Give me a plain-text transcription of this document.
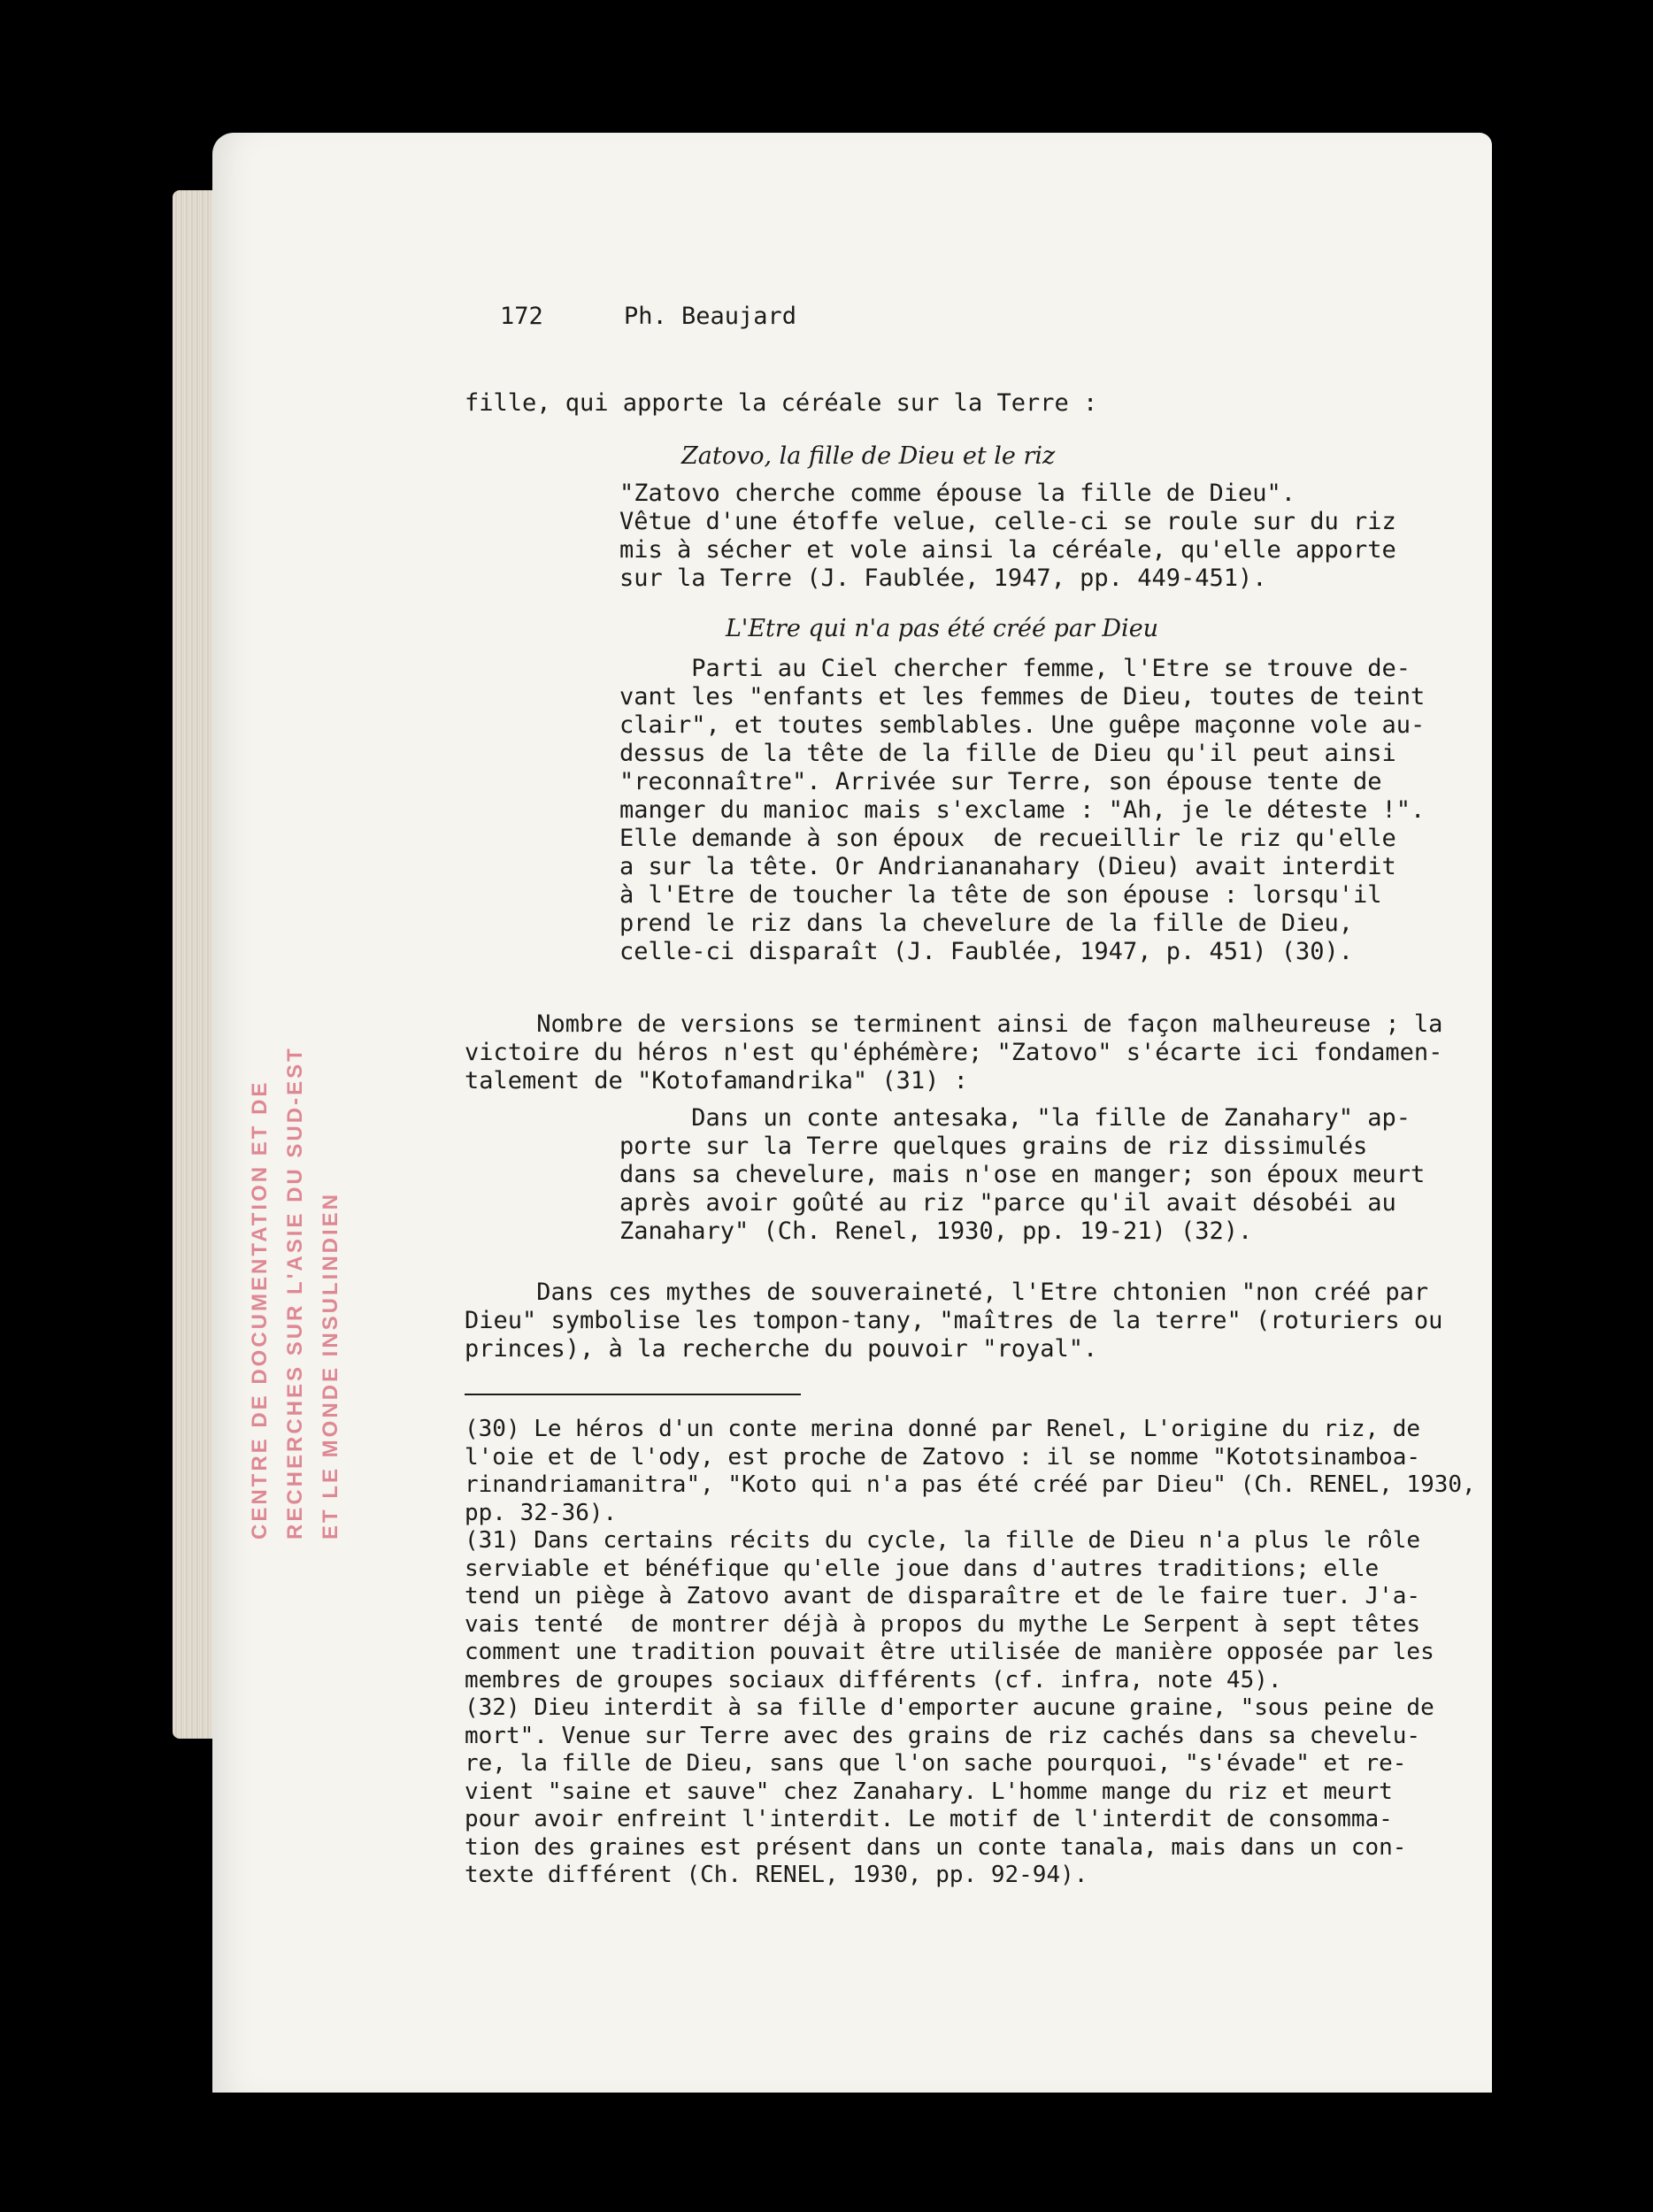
CENTRE DE DOCUMENTATION ET DE RECHERCHES SUR L'ASIE DU SUD-EST ET LE MONDE INSULINDIEN
172	Ph. Beaujard
fille, qui apporte la céréale sur la Terre :
Zatovo, la fille de Dieu et le riz
"Zatovo cherche comme épouse la fille de Dieu".
Vêtue d'une étoffe velue, celle-ci se roule sur du riz
mis à sécher et vole ainsi la céréale, qu'elle apporte
sur la Terre (J. Faublée, 1947, pp. 449-451).
L'Etre qui n'a pas été créé par Dieu
Parti au Ciel chercher femme, l'Etre se trouve de-
vant les "enfants et les femmes de Dieu, toutes de teint
clair", et toutes semblables. Une guêpe maçonne vole au-
dessus de la tête de la fille de Dieu qu'il peut ainsi
"reconnaître". Arrivée sur Terre, son épouse tente de
manger du manioc mais s'exclame : "Ah, je le déteste !".
Elle demande à son époux  de recueillir le riz qu'elle
a sur la tête. Or Andriananahary (Dieu) avait interdit
à l'Etre de toucher la tête de son épouse : lorsqu'il
prend le riz dans la chevelure de la fille de Dieu,
celle-ci disparaît (J. Faublée, 1947, p. 451) (30).
Nombre de versions se terminent ainsi de façon malheureuse ; la
victoire du héros n'est qu'éphémère; "Zatovo" s'écarte ici fondamen-
talement de "Kotofamandrika" (31) :
Dans un conte antesaka, "la fille de Zanahary" ap-
porte sur la Terre quelques grains de riz dissimulés
dans sa chevelure, mais n'ose en manger; son époux meurt
après avoir goûté au riz "parce qu'il avait désobéi au
Zanahary" (Ch. Renel, 1930, pp. 19-21) (32).
Dans ces mythes de souveraineté, l'Etre chtonien "non créé par
Dieu" symbolise les tompon-tany, "maîtres de la terre" (roturiers ou
princes), à la recherche du pouvoir "royal".
(30) Le héros d'un conte merina donné par Renel, L'origine du riz, de
l'oie et de l'ody, est proche de Zatovo : il se nomme "Kototsinamboa-
rinandriamanitra", "Koto qui n'a pas été créé par Dieu" (Ch. RENEL, 1930,
pp. 32-36).
(31) Dans certains récits du cycle, la fille de Dieu n'a plus le rôle
serviable et bénéfique qu'elle joue dans d'autres traditions; elle
tend un piège à Zatovo avant de disparaître et de le faire tuer. J'a-
vais tenté  de montrer déjà à propos du mythe Le Serpent à sept têtes
comment une tradition pouvait être utilisée de manière opposée par les
membres de groupes sociaux différents (cf. infra, note 45).
(32) Dieu interdit à sa fille d'emporter aucune graine, "sous peine de
mort". Venue sur Terre avec des grains de riz cachés dans sa chevelu-
re, la fille de Dieu, sans que l'on sache pourquoi, "s'évade" et re-
vient "saine et sauve" chez Zanahary. L'homme mange du riz et meurt
pour avoir enfreint l'interdit. Le motif de l'interdit de consomma-
tion des graines est présent dans un conte tanala, mais dans un con-
texte différent (Ch. RENEL, 1930, pp. 92-94).
